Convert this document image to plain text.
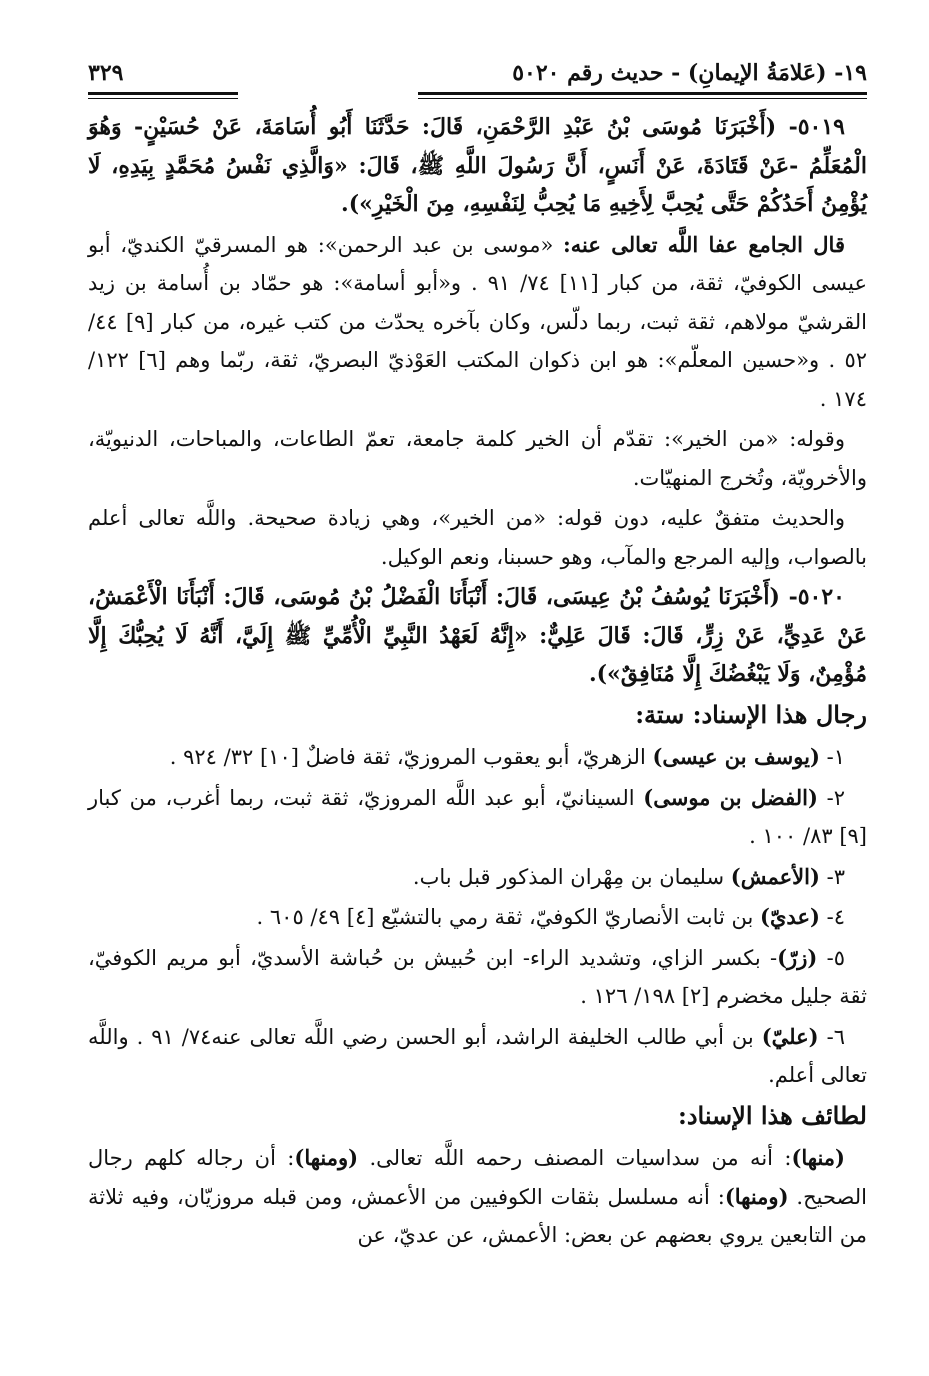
١٩- (عَلامَةُ الإيمانِ) - حديث رقم ٥٠٢٠
٣٢٩

٥٠١٩- (أَخْبَرَنَا مُوسَى بْنُ عَبْدِ الرَّحْمَنِ، قَالَ: حَدَّثَنَا أَبُو أُسَامَةَ، عَنْ حُسَيْنٍ- وَهُوَ الْمُعَلِّمُ -عَنْ قَتَادَةَ، عَنْ أَنَسٍ، أَنَّ رَسُولَ اللَّهِ ﷺ، قَالَ: «وَالَّذِي نَفْسُ مُحَمَّدٍ بِيَدِهِ، لَا يُؤْمِنُ أَحَدُكُمْ حَتَّى يُحِبَّ لِأَخِيهِ مَا يُحِبُّ لِنَفْسِهِ، مِنَ الْخَيْرِ»).

قال الجامع عفا اللَّه تعالى عنه: «موسى بن عبد الرحمن»: هو المسرقيّ الكنديّ، أبو عيسى الكوفيّ، ثقة، من كبار [١١] ٧٤/ ٩١ . و«أبو أسامة»: هو حمّاد بن أُسامة بن زيد القرشيّ مولاهم، ثقة ثبت، ربما دلّس، وكان بآخره يحدّث من كتب غيره، من كبار [٩] ٤٤/ ٥٢ . و«حسين المعلّم»: هو ابن ذكوان المكتب العَوْذيّ البصريّ، ثقة، ربّما وهم [٦] ١٢٢/ ١٧٤ .

وقوله: «من الخير»: تقدّم أن الخير كلمة جامعة، تعمّ الطاعات، والمباحات، الدنيويّة، والأخرويّة، وتُخرج المنهيّات.

والحديث متفقٌ عليه، دون قوله: «من الخير»، وهي زيادة صحيحة. واللَّه تعالى أعلم بالصواب، وإليه المرجع والمآب، وهو حسبنا، ونعم الوكيل.

٥٠٢٠- (أَخْبَرَنَا يُوسُفُ بْنُ عِيسَى، قَالَ: أَنْبَأَنَا الْفَضْلُ بْنُ مُوسَى، قَالَ: أَنْبَأَنَا الْأَعْمَشُ، عَنْ عَدِيٍّ، عَنْ زِرٍّ، قَالَ: قَالَ عَلِيٌّ: «إِنَّهُ لَعَهْدُ النَّبِيِّ الْأُمِّيِّ ﷺ إِلَيَّ، أَنَّهُ لَا يُحِبُّكَ إِلَّا مُؤْمِنٌ، وَلَا يَبْغُضُكَ إِلَّا مُنَافِقٌ»).

رجال هذا الإسناد: ستة:

١- (يوسف بن عيسى) الزهريّ، أبو يعقوب المروزيّ، ثقة فاضلٌ [١٠] ٣٢/ ٩٢٤ .

٢- (الفضل بن موسى) السينانيّ، أبو عبد اللَّه المروزيّ، ثقة ثبت، ربما أغرب، من كبار [٩] ٨٣/ ١٠٠ .

٣- (الأعمش) سليمان بن مِهْران المذكور قبل باب.

٤- (عديّ) بن ثابت الأنصاريّ الكوفيّ، ثقة رمي بالتشيّع [٤] ٤٩/ ٦٠٥ .

٥- (زرّ)- بكسر الزاي، وتشديد الراء- ابن حُبيش بن حُباشة الأسديّ، أبو مريم الكوفيّ، ثقة جليل مخضرم [٢] ١٩٨/ ١٢٦ .

٦- (عليّ) بن أبي طالب الخليفة الراشد، أبو الحسن رضي اللَّه تعالى عنه٧٤/ ٩١ . واللَّه تعالى أعلم.

لطائف هذا الإسناد:

(منها): أنه من سداسيات المصنف رحمه اللَّه تعالى. (ومنها): أن رجاله كلهم رجال الصحيح. (ومنها): أنه مسلسل بثقات الكوفيين من الأعمش، ومن قبله مروزيّان، وفيه ثلاثة من التابعين يروي بعضهم عن بعض: الأعمش، عن عديّ، عن
